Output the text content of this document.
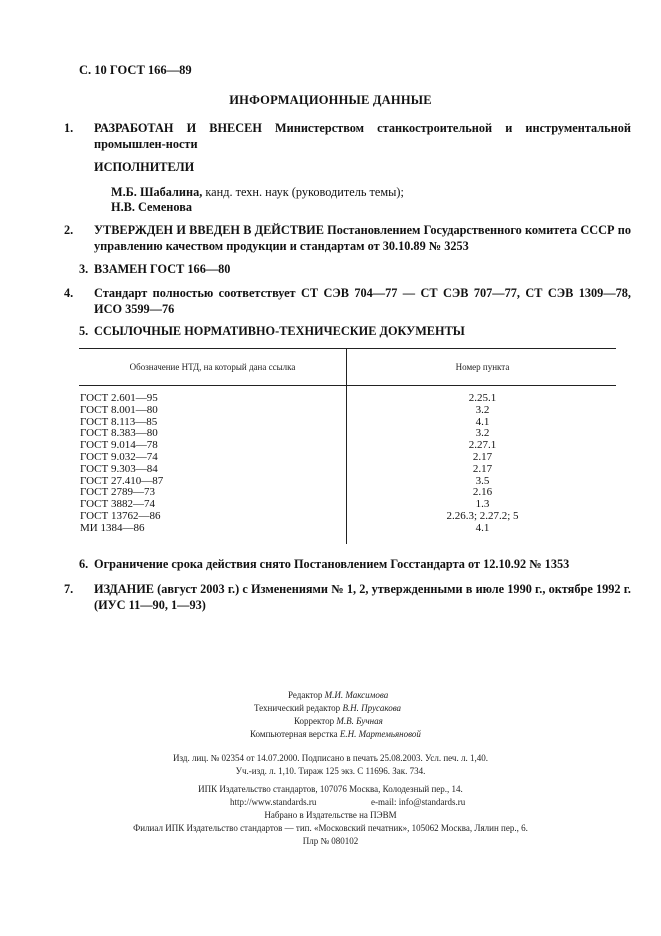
С. 10 ГОСТ 166—89
ИНФОРМАЦИОННЫЕ ДАННЫЕ
1. РАЗРАБОТАН И ВНЕСЕН Министерством станкостроительной и инструментальной промышлен-ности
ИСПОЛНИТЕЛИ
М.Б. Шабалина, канд. техн. наук (руководитель темы);
Н.В. Семенова
2. УТВЕРЖДЕН И ВВЕДЕН В ДЕЙСТВИЕ Постановлением Государственного комитета СССР по управлению качеством продукции и стандартам от 30.10.89 № 3253
3. ВЗАМЕН ГОСТ 166—80
4. Стандарт полностью соответствует СТ СЭВ 704—77 — СТ СЭВ 707—77, СТ СЭВ 1309—78, ИСО 3599—76
5. ССЫЛОЧНЫЕ НОРМАТИВНО-ТЕХНИЧЕСКИЕ ДОКУМЕНТЫ
Обозначение НТД, на который дана ссылка	Номер пункта
ГОСТ 2.601—95	2.25.1
ГОСТ 8.001—80	3.2
ГОСТ 8.113—85	4.1
ГОСТ 8.383—80	3.2
ГОСТ 9.014—78	2.27.1
ГОСТ 9.032—74	2.17
ГОСТ 9.303—84	2.17
ГОСТ 27.410—87	3.5
ГОСТ 2789—73	2.16
ГОСТ 3882—74	1.3
ГОСТ 13762—86	2.26.3; 2.27.2; 5
МИ 1384—86	4.1
6. Ограничение срока действия снято Постановлением Госстандарта от 12.10.92 № 1353
7. ИЗДАНИЕ (август 2003 г.) с Изменениями № 1, 2, утвержденными в июле 1990 г., октябре 1992 г. (ИУС 11—90, 1—93)
Редактор М.И. Максимова
Технический редактор В.Н. Прусакова
Корректор М.В. Бучная
Компьютерная верстка Е.Н. Мартемьяновой
Изд. лиц. № 02354 от 14.07.2000. Подписано в печать 25.08.2003. Усл. печ. л. 1,40.
Уч.-изд. л. 1,10. Тираж 125 экз. С 11696. Зак. 734.
ИПК Издательство стандартов, 107076 Москва, Колодезный пер., 14.
http://www.standards.ru	e-mail: info@standards.ru
Набрано в Издательстве на ПЭВМ
Филиал ИПК Издательство стандартов — тип. «Московский печатник», 105062 Москва, Лялин пер., 6.
Плр № 080102
